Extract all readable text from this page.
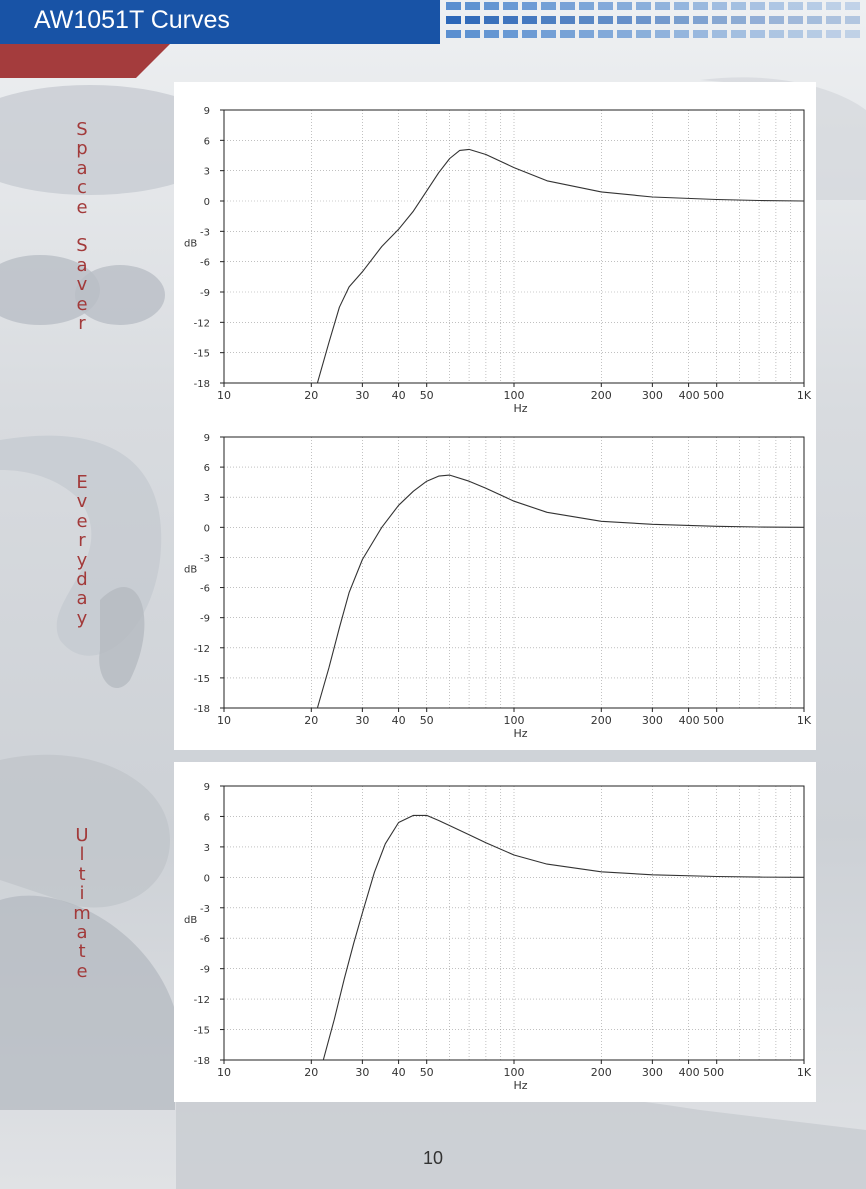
AW1051T Curves
S
p
a
c
e

S
a
v
e
r
E
v
e
r
y
d
a
y
U
l
t
i
m
a
t
e
9
6
3
0
-3
-6
-9
-12
-15
-18
10	20	30 40 50	100	200	300 400 500	1K
Hz
dB
9
6
3
0
-3
-6
-9
-12
-15
-18
10	20	30 40 50	100	200	300 400 500	1K
Hz
dB
9
6
3
0
-3
-6
-9
-12
-15
-18
10	20	30 40 50	100	200	300 400 500	1K
Hz
dB
10
